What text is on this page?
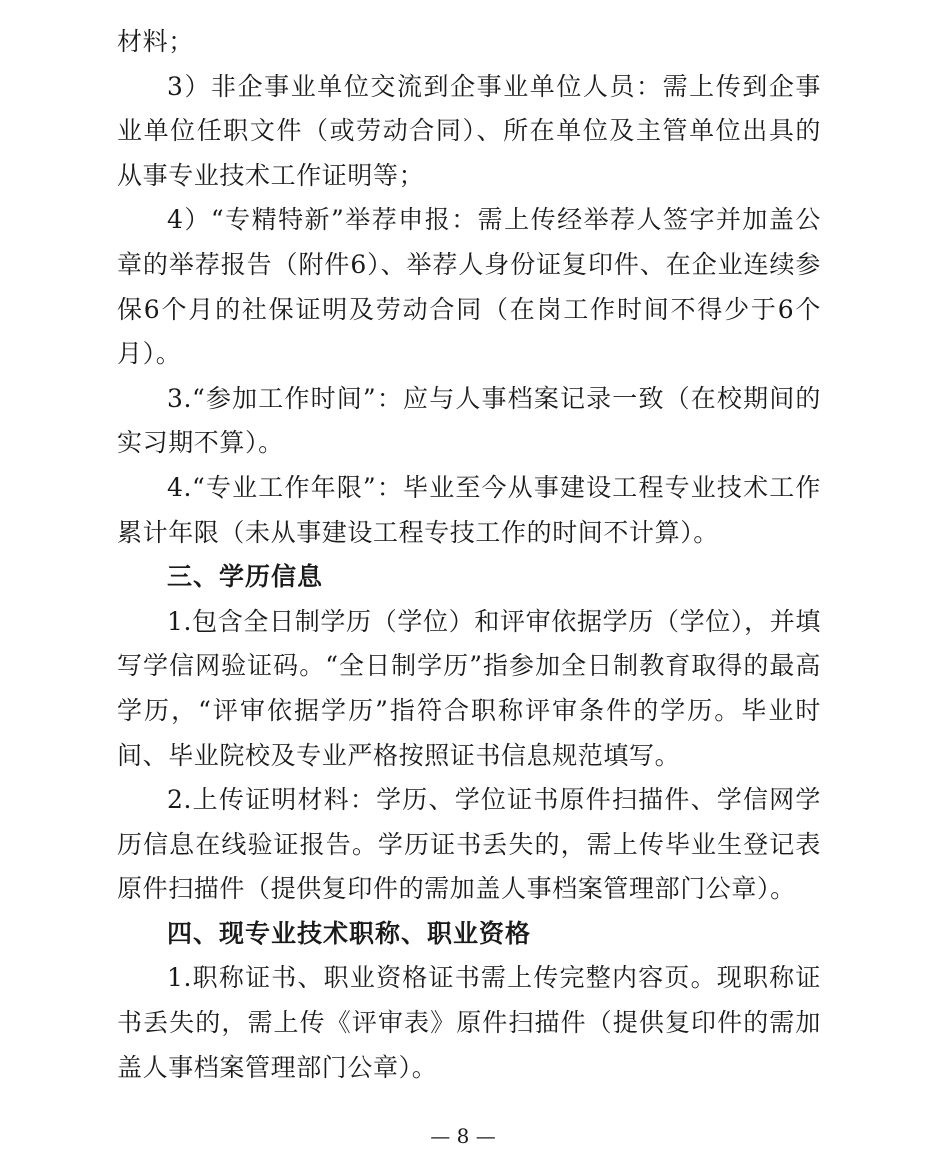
材料；

3）非企事业单位交流到企事业单位人员：需上传到企事业单位任职文件（或劳动合同）、所在单位及主管单位出具的从事专业技术工作证明等；

4）“专精特新”举荐申报：需上传经举荐人签字并加盖公章的举荐报告（附件6）、举荐人身份证复印件、在企业连续参保6个月的社保证明及劳动合同（在岗工作时间不得少于6个月）。

3.“参加工作时间”：应与人事档案记录一致（在校期间的实习期不算）。

4.“专业工作年限”：毕业至今从事建设工程专业技术工作累计年限（未从事建设工程专技工作的时间不计算）。

三、学历信息

1.包含全日制学历（学位）和评审依据学历（学位），并填写学信网验证码。“全日制学历”指参加全日制教育取得的最高学历，“评审依据学历”指符合职称评审条件的学历。毕业时间、毕业院校及专业严格按照证书信息规范填写。

2.上传证明材料：学历、学位证书原件扫描件、学信网学历信息在线验证报告。学历证书丢失的，需上传毕业生登记表原件扫描件（提供复印件的需加盖人事档案管理部门公章）。

四、现专业技术职称、职业资格

1.职称证书、职业资格证书需上传完整内容页。现职称证书丢失的，需上传《评审表》原件扫描件（提供复印件的需加盖人事档案管理部门公章）。

— 8 —
